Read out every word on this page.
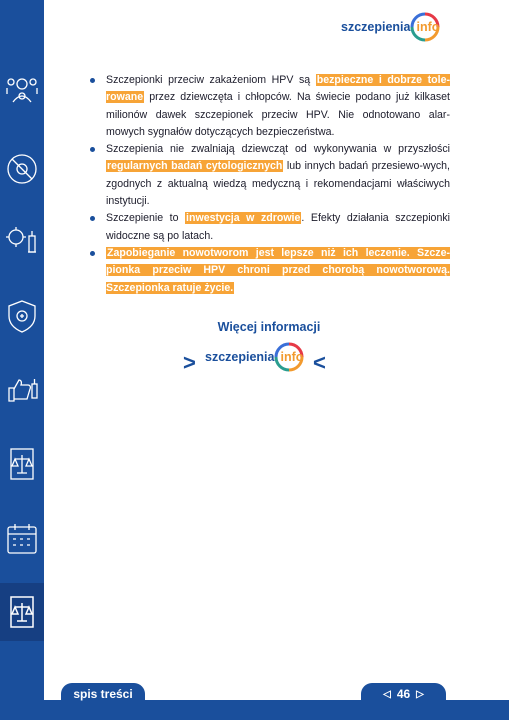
szczepienia info

Szczepionki przeciw zakażeniom HPV są bezpieczne i dobrze tole-rowane przez dziewczęta i chłopców. Na świecie podano już kilkaset milionów dawek szczepionek przeciw HPV. Nie odnotowano alar-mowych sygnałów dotyczących bezpieczeństwa.

Szczepienia nie zwalniają dziewcząt od wykonywania w przyszłości regularnych badań cytologicznych lub innych badań przesiewo-wych, zgodnych z aktualną wiedzą medyczną i rekomendacjami właściwych instytucji.

Szczepienie to inwestycja w zdrowie. Efekty działania szczepionki widoczne są po latach.

Zapobieganie nowotworom jest lepsze niż ich leczenie. Szcze-pionka przeciw HPV chroni przed chorobą nowotworową. Szczepionka ratuje życie.

Więcej informacji
> szczepienia info <
spis treści	◁ 46 ▷
